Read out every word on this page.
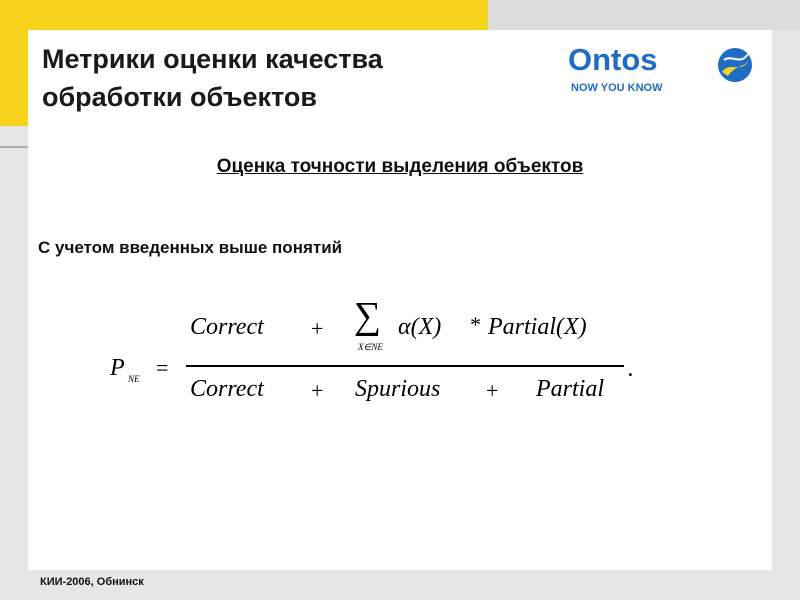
Метрики оценки качества
обработки объектов
Ontos
NOW YOU KNOW
Оценка точности выделения объектов
С учетом введенных выше понятий
P NE =
Correct + ∑
X∈NE
α(X) * Partial(X)
Correct + Spurious + Partial
.
КИИ-2006, Обнинск
